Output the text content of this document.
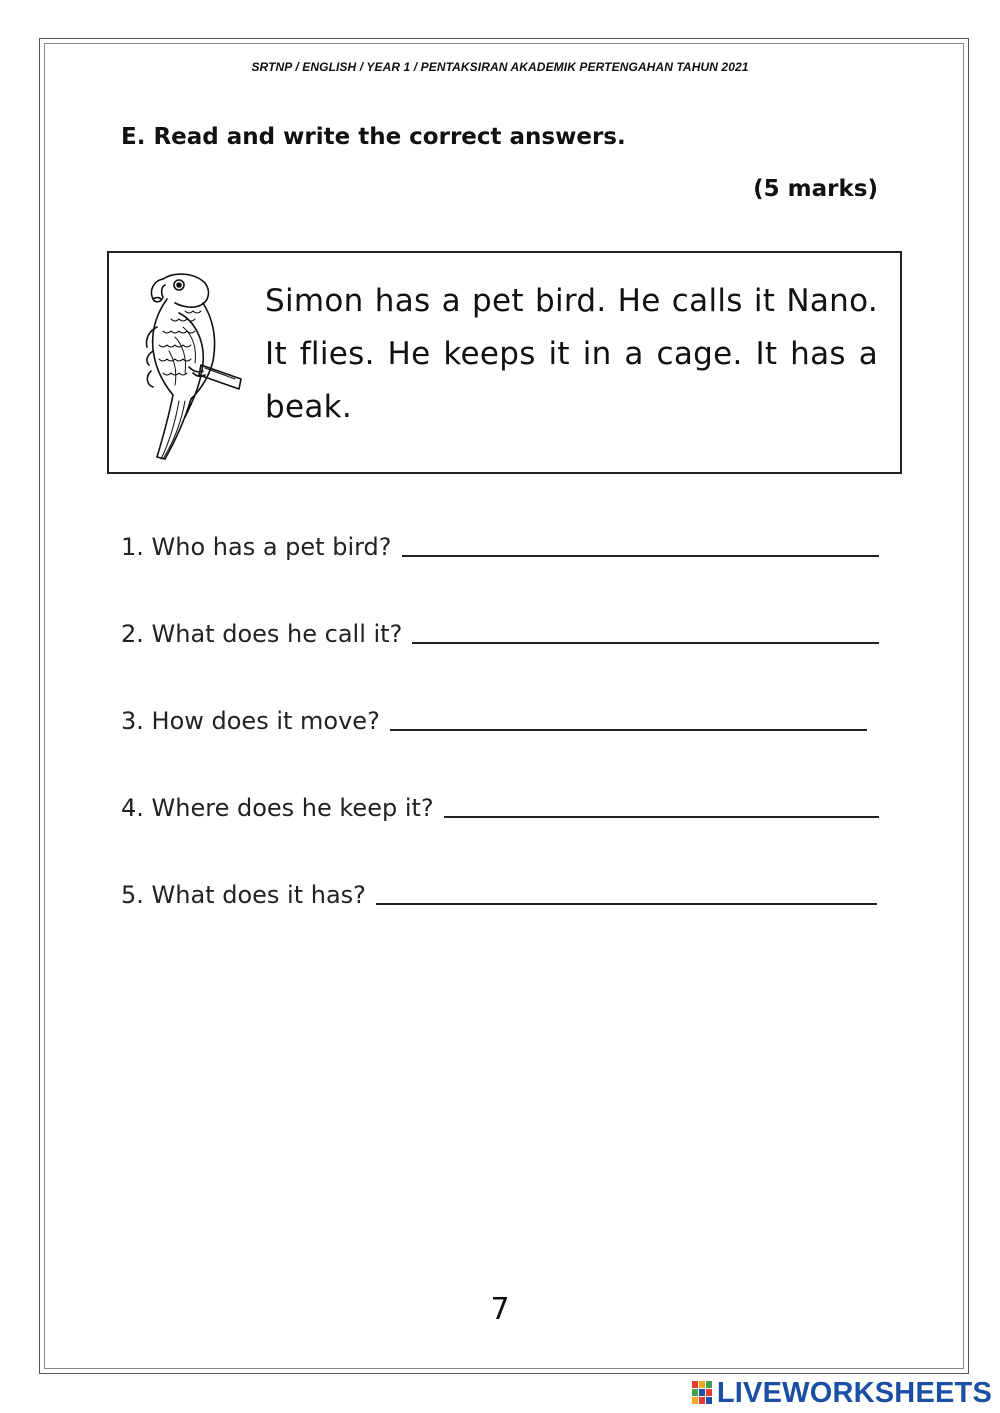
SRTNP / ENGLISH / YEAR 1 / PENTAKSIRAN AKADEMIK PERTENGAHAN TAHUN 2021
E. Read and write the correct answers.
(5 marks)
Simon has a pet bird. He calls it Nano. It flies. He keeps it in a cage. It has a beak.
1. Who has a pet bird?
2. What does he call it?
3. How does it move?
4. Where does he keep it?
5. What does it has?
7
LIVEWORKSHEETS
